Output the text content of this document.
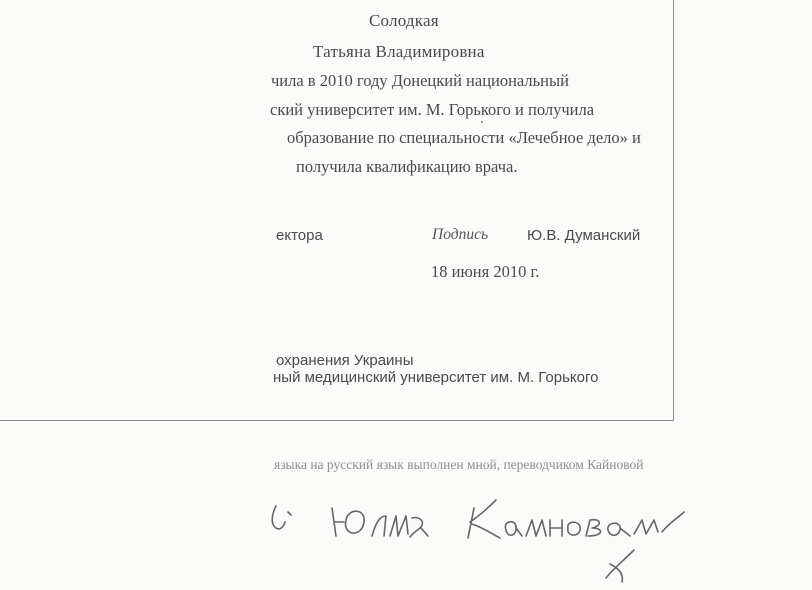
Солодкая

Татьяна Владимировна

чила в 2010 году Донецкий национальный

ский университет им. М. Горького и получила

образование по специальности «Лечебное дело» и

получила квалификацию врача.

ектора	Подпись	Ю.В. Думанский

18 июня 2010 г.

охранения Украины

ный медицинский университет им. М. Горького

языка на русский язык выполнен мной, переводчиком Кайновой
